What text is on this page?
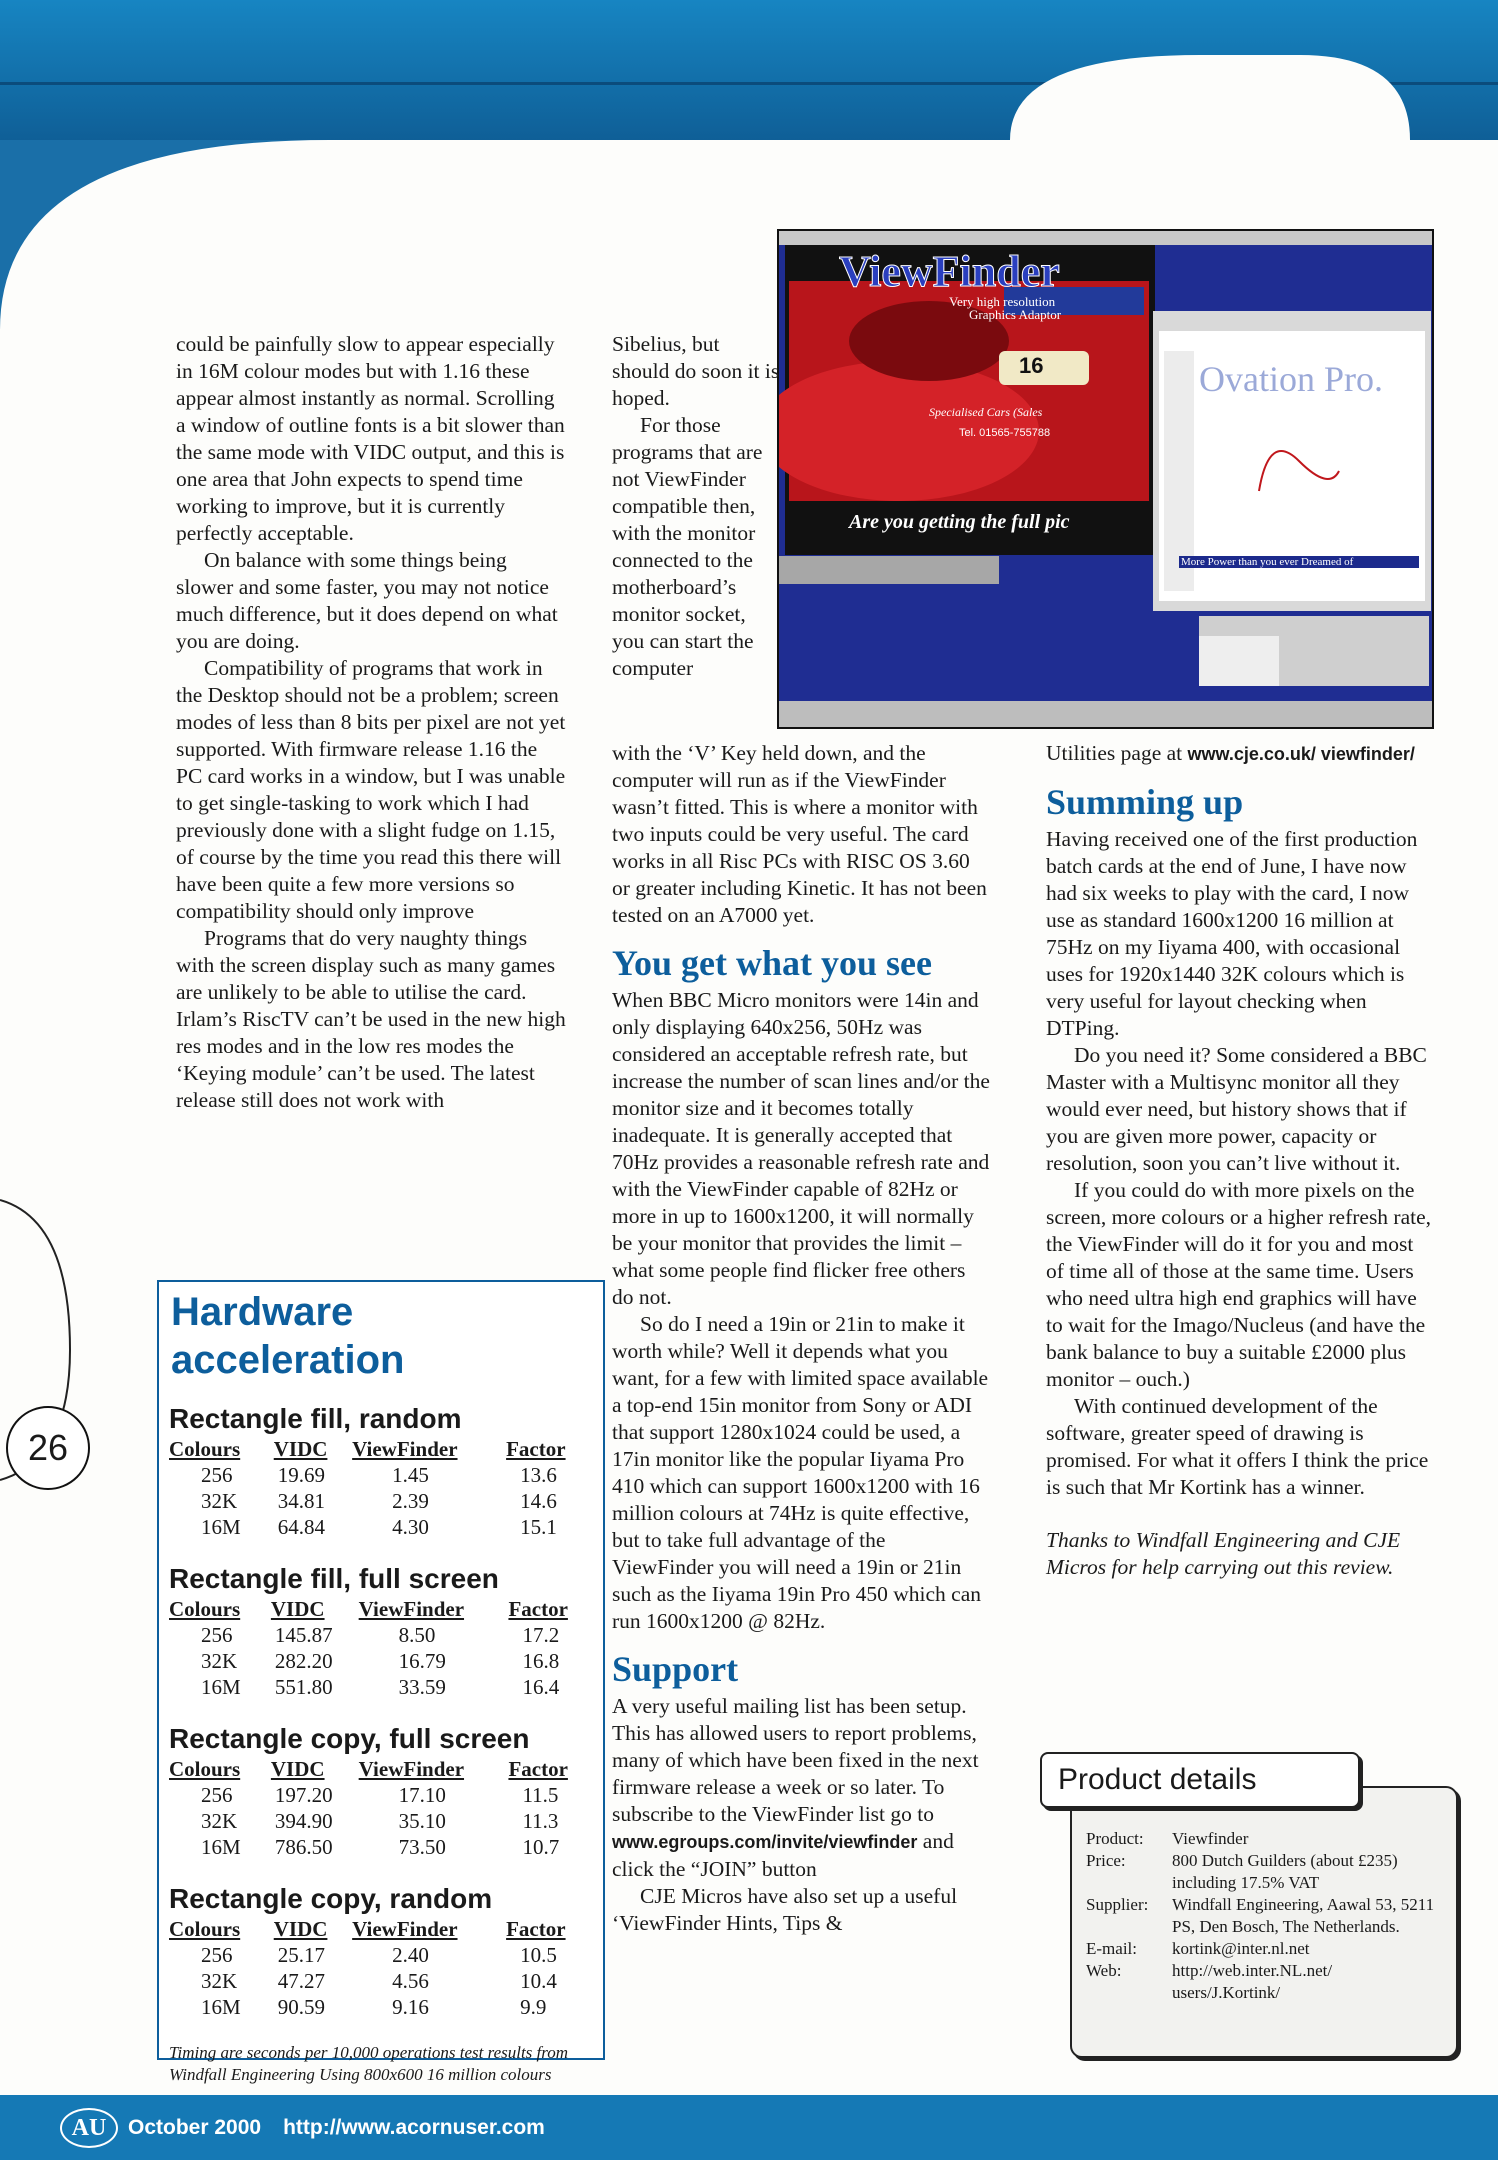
ViewFinder
Very high resolution
Graphics Adaptor
16
Specialised Cars (Sales
Tel. 01565-755788
Are you getting the full pic
Ovation Pro.
More Power than you ever Dreamed of

could be painfully slow to appear especially in 16M colour modes but with 1.16 these appear almost instantly as normal. Scrolling a window of outline fonts is a bit slower than the same mode with VIDC output, and this is one area that John expects to spend time working to improve, but it is currently perfectly acceptable.

On balance with some things being slower and some faster, you may not notice much difference, but it does depend on what you are doing.

Compatibility of programs that work in the Desktop should not be a problem; screen modes of less than 8 bits per pixel are not yet supported. With firmware release 1.16 the PC card works in a window, but I was unable to get single-tasking to work which I had previously done with a slight fudge on 1.15, of course by the time you read this there will have been quite a few more versions so compatibility should only improve

Programs that do very naughty things with the screen display such as many games are unlikely to be able to utilise the card. Irlam’s RiscTV can’t be used in the new high res modes and in the low res modes the ‘Keying module’ can’t be used. The latest release still does not work with

Sibelius, but should do soon it is hoped.

For those programs that are not ViewFinder compatible then, with the monitor connected to the motherboard’s monitor socket, you can start the computer

with the ‘V’ Key held down, and the computer will run as if the ViewFinder wasn’t fitted. This is where a monitor with two inputs could be very useful. The card works in all Risc PCs with RISC OS 3.60 or greater including Kinetic. It has not been tested on an A7000 yet.

You get what you see

When BBC Micro monitors were 14in and only displaying 640x256, 50Hz was considered an acceptable refresh rate, but increase the number of scan lines and/or the monitor size and it becomes totally inadequate. It is generally accepted that 70Hz provides a reasonable refresh rate and with the ViewFinder capable of 82Hz or more in up to 1600x1200, it will normally be your monitor that provides the limit – what some people find flicker free others do not.

So do I need a 19in or 21in to make it worth while? Well it depends what you want, for a few with limited space available a top-end 15in monitor from Sony or ADI that support 1280x1024 could be used, a 17in monitor like the popular Iiyama Pro 410 which can support 1600x1200 with 16 million colours at 74Hz is quite effective, but to take full advantage of the ViewFinder you will need a 19in or 21in such as the Iiyama 19in Pro 450 which can run 1600x1200 @ 82Hz.

Support

A very useful mailing list has been setup. This has allowed users to report problems, many of which have been fixed in the next firmware release a week or so later. To subscribe to the ViewFinder list go to www.egroups.com/invite/viewfinder and click the “JOIN” button

CJE Micros have also set up a useful ‘ViewFinder Hints, Tips &

Utilities page at www.cje.co.uk/ viewfinder/

Summing up

Having received one of the first production batch cards at the end of June, I have now had six weeks to play with the card, I now use as standard 1600x1200 16 million at 75Hz on my Iiyama 400, with occasional uses for 1920x1440 32K colours which is very useful for layout checking when DTPing.

Do you need it? Some considered a BBC Master with a Multisync monitor all they would ever need, but history shows that if you are given more power, capacity or resolution, soon you can’t live without it.

If you could do with more pixels on the screen, more colours or a higher refresh rate, the ViewFinder will do it for you and most of time all of those at the same time. Users who need ultra high end graphics will have to wait for the Imago/Nucleus (and have the bank balance to buy a suitable £2000 plus monitor – ouch.)

With continued development of the software, greater speed of drawing is promised. For what it offers I think the price is such that Mr Kortink has a winner.

Thanks to Windfall Engineering and CJE Micros for help carrying out this review.

Hardware acceleration
Rectangle fill, random
Colours	VIDC	ViewFinder	Factor
256	19.69	1.45	13.6
32K	34.81	2.39	14.6
16M	64.84	4.30	15.1
Rectangle fill, full screen
Colours	VIDC	ViewFinder	Factor
256	145.87	8.50	17.2
32K	282.20	16.79	16.8
16M	551.80	33.59	16.4
Rectangle copy, full screen
Colours	VIDC	ViewFinder	Factor
256	197.20	17.10	11.5
32K	394.90	35.10	11.3
16M	786.50	73.50	10.7
Rectangle copy, random
Colours	VIDC	ViewFinder	Factor
256	25.17	2.40	10.5
32K	47.27	4.56	10.4
16M	90.59	9.16	9.9
Timing are seconds per 10,000 operations test results from Windfall Engineering Using 800x600 16 million colours
Product details
Product:	Viewfinder
Price:	800 Dutch Guilders (about £235) including 17.5% VAT
Supplier:	Windfall Engineering, Aawal 53, 5211 PS, Den Bosch, The Netherlands.
E-mail:	kortink@inter.nl.net
Web:	http://web.inter.NL.net/ users/J.Kortink/
26
AU October 2000 http://www.acornuser.com
